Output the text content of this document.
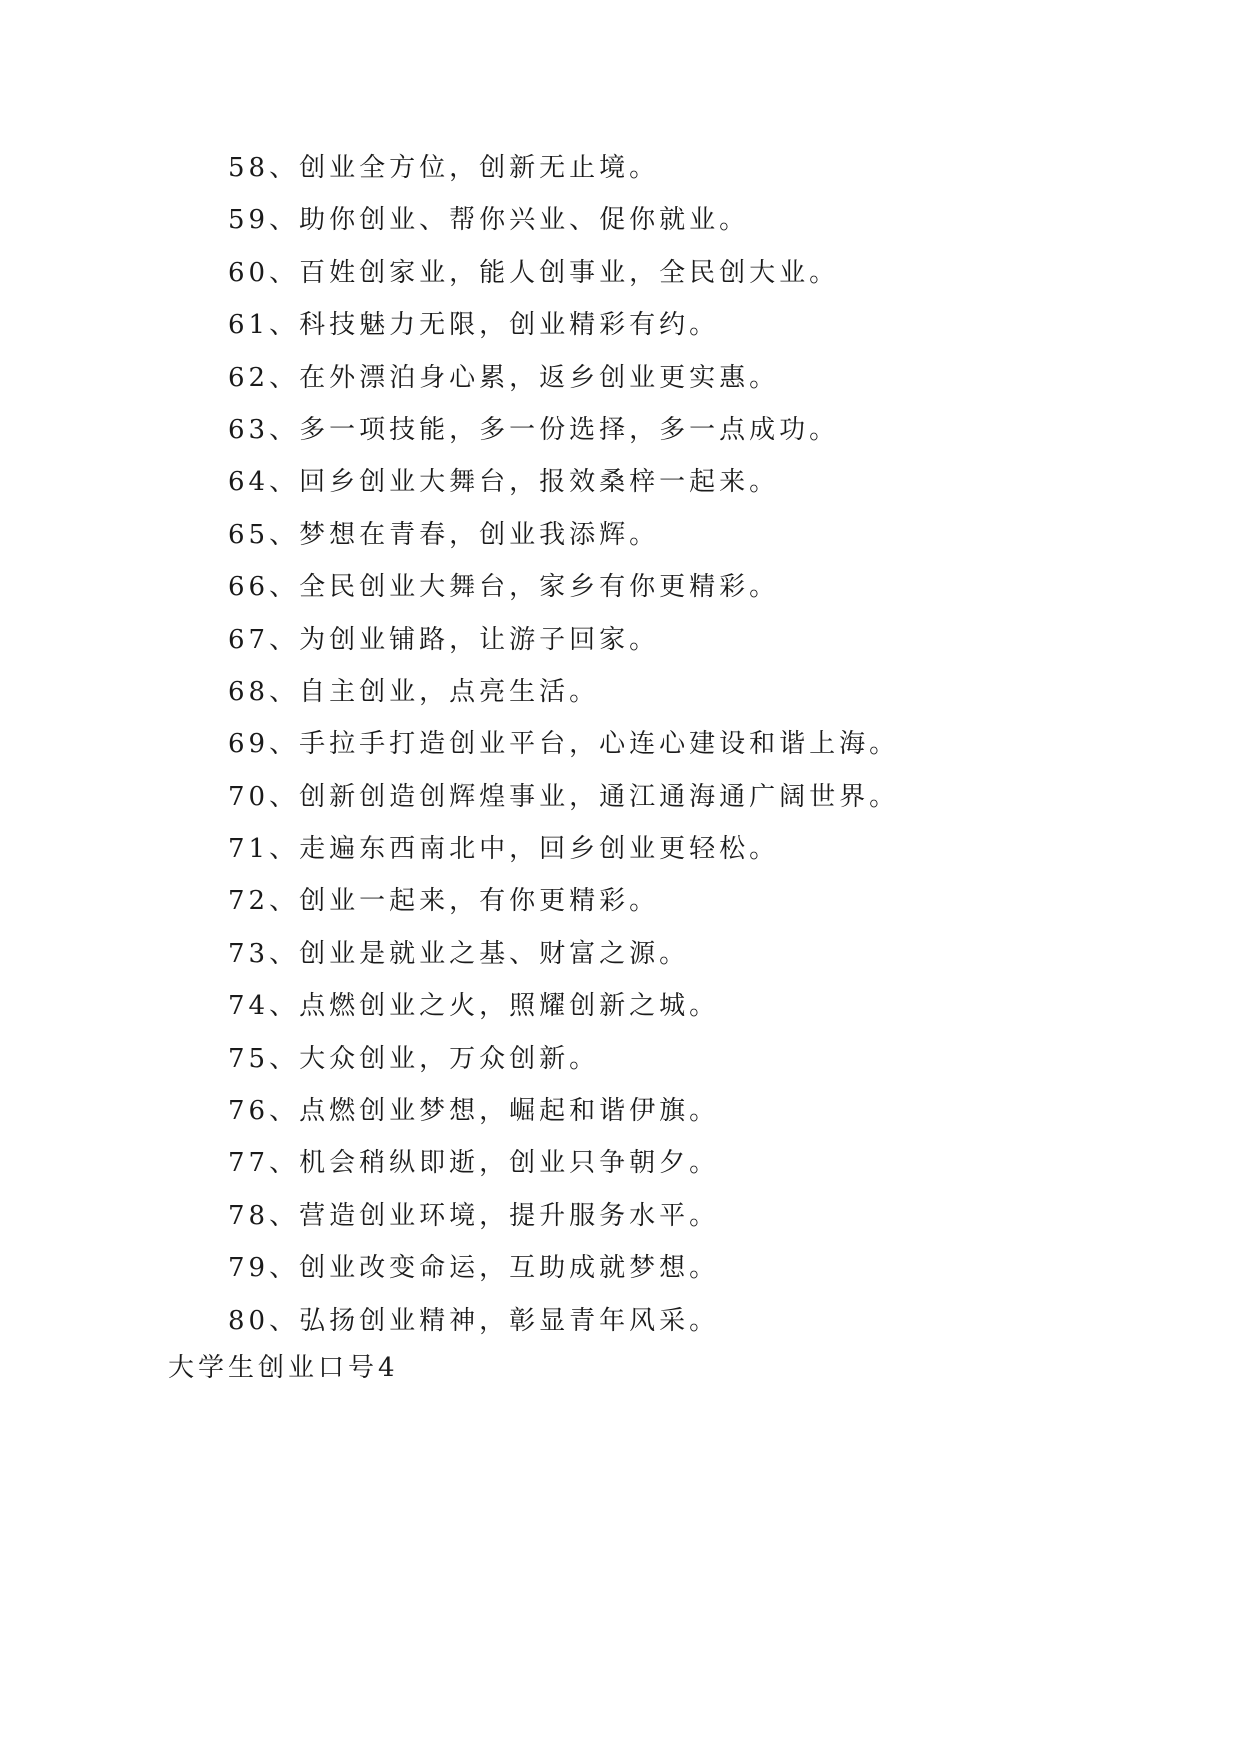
58、创业全方位，创新无止境。
59、助你创业、帮你兴业、促你就业。
60、百姓创家业，能人创事业，全民创大业。
61、科技魅力无限，创业精彩有约。
62、在外漂泊身心累，返乡创业更实惠。
63、多一项技能，多一份选择，多一点成功。
64、回乡创业大舞台，报效桑梓一起来。
65、梦想在青春，创业我添辉。
66、全民创业大舞台，家乡有你更精彩。
67、为创业铺路，让游子回家。
68、自主创业，点亮生活。
69、手拉手打造创业平台，心连心建设和谐上海。
70、创新创造创辉煌事业，通江通海通广阔世界。
71、走遍东西南北中，回乡创业更轻松。
72、创业一起来，有你更精彩。
73、创业是就业之基、财富之源。
74、点燃创业之火，照耀创新之城。
75、大众创业，万众创新。
76、点燃创业梦想，崛起和谐伊旗。
77、机会稍纵即逝，创业只争朝夕。
78、营造创业环境，提升服务水平。
79、创业改变命运，互助成就梦想。
80、弘扬创业精神，彰显青年风采。
大学生创业口号4
